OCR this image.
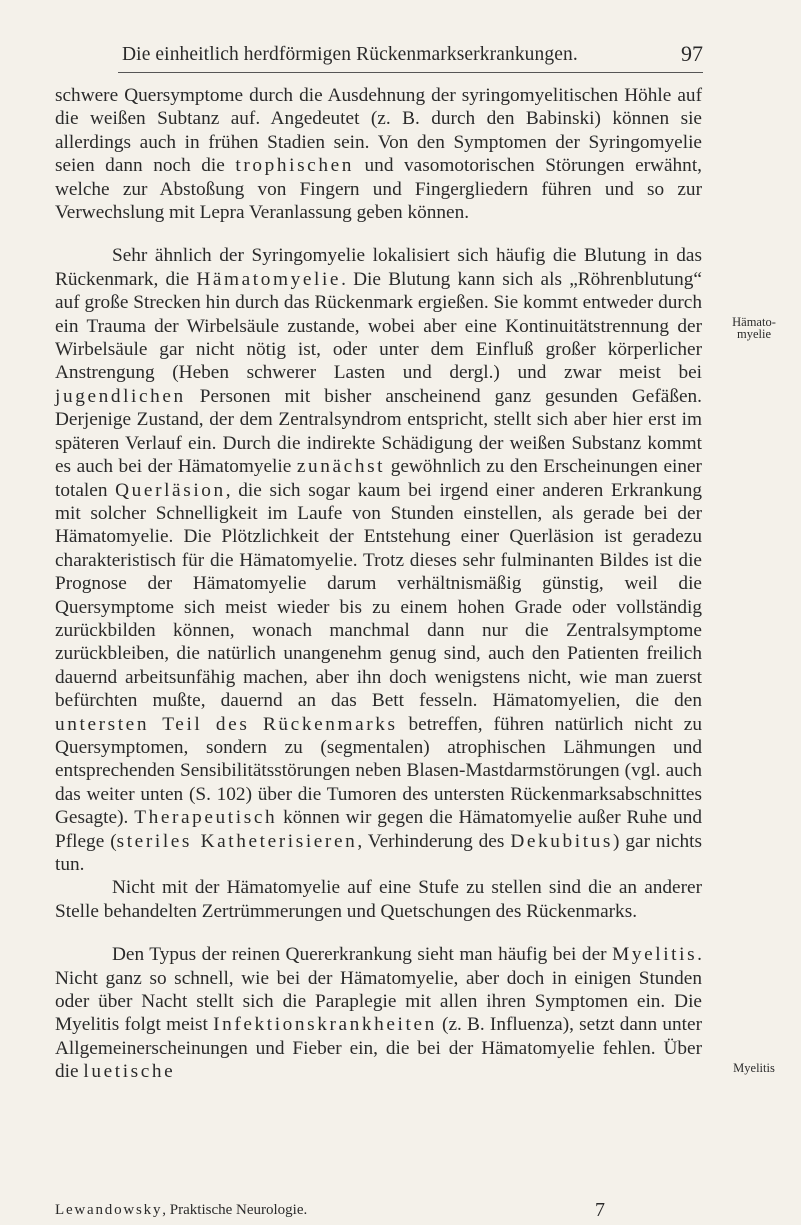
Die einheitlich herdförmigen Rückenmarkserkrankungen.	97

schwere Quersymptome durch die Ausdehnung der syringomyelitischen Höhle auf die weißen Subtanz auf. Angedeutet (z. B. durch den Babinski) können sie allerdings auch in frühen Stadien sein. Von den Symptomen der Syringomyelie seien dann noch die trophischen und vasomotorischen Störungen erwähnt, welche zur Abstoßung von Fingern und Fingergliedern führen und so zur Verwechslung mit Lepra Veranlassung geben können.

Sehr ähnlich der Syringomyelie lokalisiert sich häufig die Blutung in das Rückenmark, die Hämatomyelie. Die Blutung kann sich als „Röhrenblutung“ auf große Strecken hin durch das Rückenmark ergießen. Sie kommt entweder durch ein Trauma der Wirbelsäule zustande, wobei aber eine Kontinuitätstrennung der Wirbelsäule gar nicht nötig ist, oder unter dem Einfluß großer körperlicher Anstrengung (Heben schwerer Lasten und dergl.) und zwar meist bei jugendlichen Personen mit bisher anscheinend ganz gesunden Gefäßen. Derjenige Zustand, der dem Zentralsyndrom entspricht, stellt sich aber hier erst im späteren Verlauf ein. Durch die indirekte Schädigung der weißen Substanz kommt es auch bei der Hämatomyelie zunächst gewöhnlich zu den Erscheinungen einer totalen Querläsion, die sich sogar kaum bei irgend einer anderen Erkrankung mit solcher Schnelligkeit im Laufe von Stunden einstellen, als gerade bei der Hämatomyelie. Die Plötzlichkeit der Entstehung einer Querläsion ist geradezu charakteristisch für die Hämatomyelie. Trotz dieses sehr fulminanten Bildes ist die Prognose der Hämatomyelie darum verhältnismäßig günstig, weil die Quersymptome sich meist wieder bis zu einem hohen Grade oder vollständig zurückbilden können, wonach manchmal dann nur die Zentralsymptome zurückbleiben, die natürlich unangenehm genug sind, auch den Patienten freilich dauernd arbeitsunfähig machen, aber ihn doch wenigstens nicht, wie man zuerst befürchten mußte, dauernd an das Bett fesseln. Hämatomyelien, die den untersten Teil des Rückenmarks betreffen, führen natürlich nicht zu Quersymptomen, sondern zu (segmentalen) atrophischen Lähmungen und entsprechenden Sensibilitätsstörungen neben Blasen-Mastdarmstörungen (vgl. auch das weiter unten (S. 102) über die Tumoren des untersten Rückenmarksabschnittes Gesagte). Therapeutisch können wir gegen die Hämatomyelie außer Ruhe und Pflege (steriles Katheterisieren, Verhinderung des Dekubitus) gar nichts tun.

Nicht mit der Hämatomyelie auf eine Stufe zu stellen sind die an anderer Stelle behandelten Zertrümmerungen und Quetschungen des Rückenmarks.

Den Typus der reinen Quererkrankung sieht man häufig bei der Myelitis. Nicht ganz so schnell, wie bei der Hämatomyelie, aber doch in einigen Stunden oder über Nacht stellt sich die Paraplegie mit allen ihren Symptomen ein. Die Myelitis folgt meist Infektionskrankheiten (z. B. Influenza), setzt dann unter Allgemeinerscheinungen und Fieber ein, die bei der Hämatomyelie fehlen. Über die luetische

Hämato-
myelie
Myelitis
Lewandowsky, Praktische Neurologie.	7
